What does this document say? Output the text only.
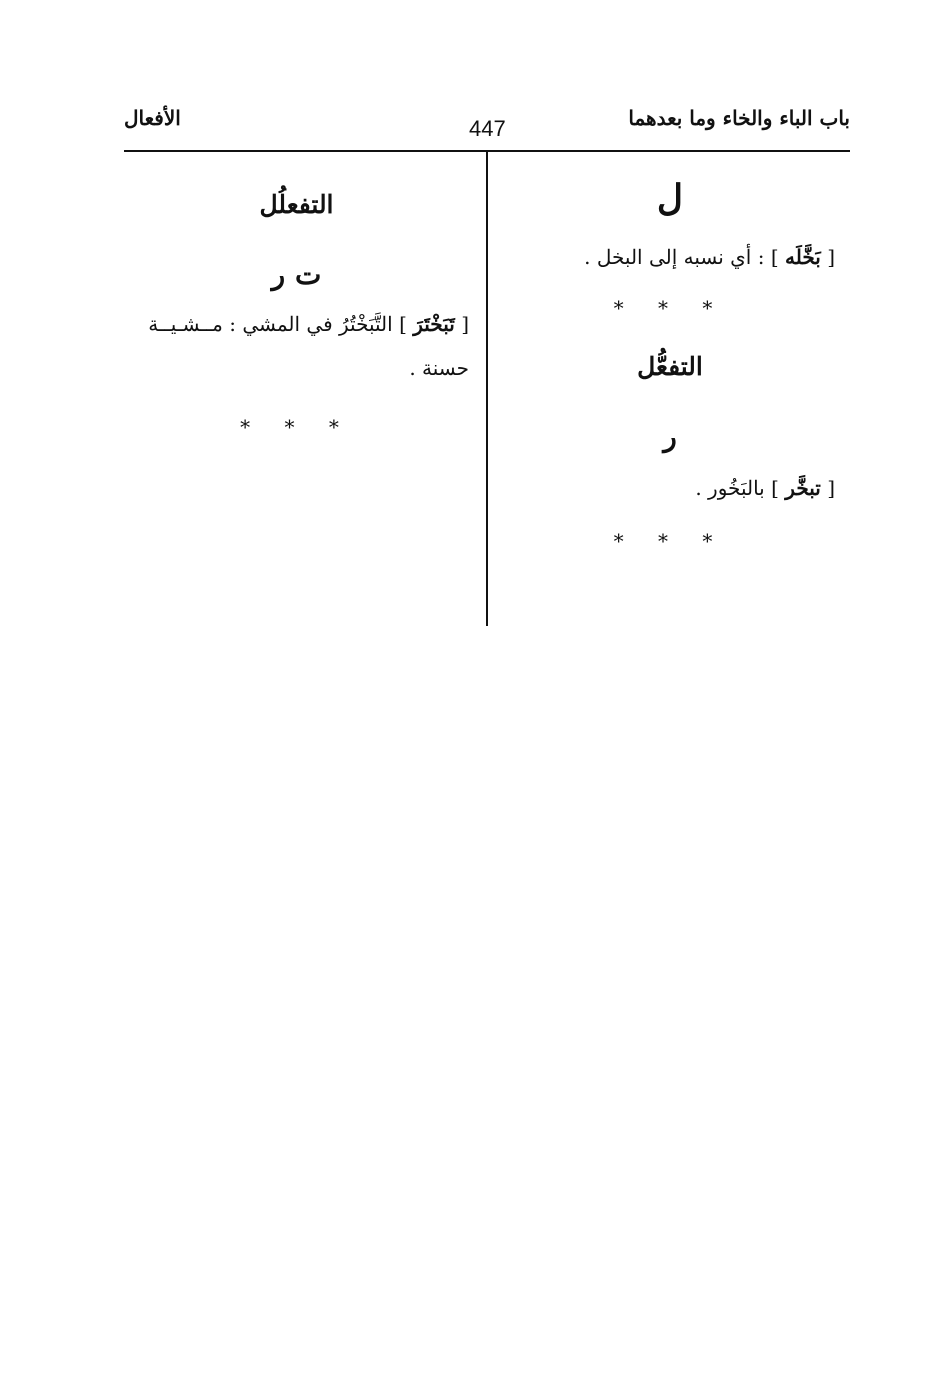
باب الباء والخاء وما بعدهما
447
الأفعال
ل
[ بَخَّلَه ] : أي نسبه إلى البخل .
* * *
التفعُّل
ر
[ تبخَّر ] بالبَخُور .
* * *
التفعلُل
ت ر
[ تَبَخْتَرَ ] التَّبَخْتُرُ في المشي : مــشـيــة
حسنة .
* * *
